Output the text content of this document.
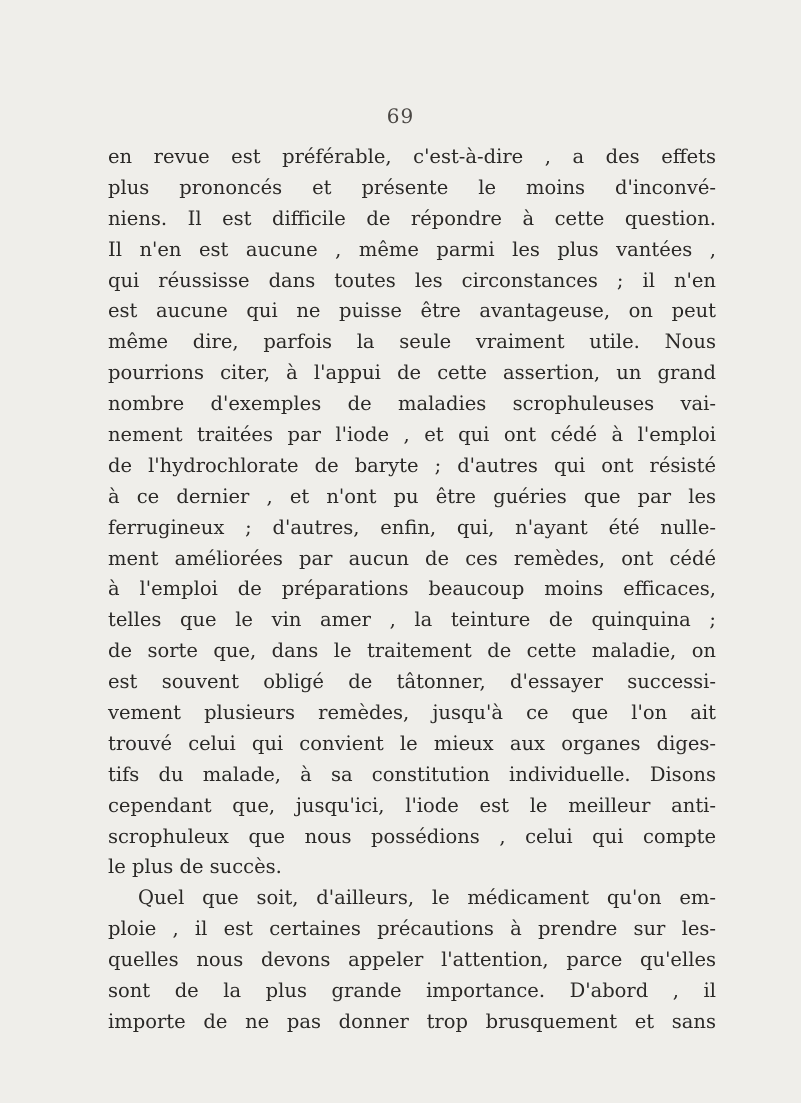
69
en revue est préférable, c'est-à-dire , a des effets
plus prononcés et présente le moins d'inconvé-
niens. Il est difficile de répondre à cette question.
Il n'en est aucune , même parmi les plus vantées ,
qui réussisse dans toutes les circonstances ; il n'en
est aucune qui ne puisse être avantageuse, on peut
même dire, parfois la seule vraiment utile. Nous
pourrions citer, à l'appui de cette assertion, un grand
nombre d'exemples de maladies scrophuleuses vai-
nement traitées par l'iode , et qui ont cédé à l'emploi
de l'hydrochlorate de baryte ; d'autres qui ont résisté
à ce dernier , et n'ont pu être guéries que par les
ferrugineux ; d'autres, enfin, qui, n'ayant été nulle-
ment améliorées par aucun de ces remèdes, ont cédé
à l'emploi de préparations beaucoup moins efficaces,
telles que le vin amer , la teinture de quinquina ;
de sorte que, dans le traitement de cette maladie, on
est souvent obligé de tâtonner, d'essayer successi-
vement plusieurs remèdes, jusqu'à ce que l'on ait
trouvé celui qui convient le mieux aux organes diges-
tifs du malade, à sa constitution individuelle. Disons
cependant que, jusqu'ici, l'iode est le meilleur anti-
scrophuleux que nous possédions , celui qui compte
le plus de succès.
Quel que soit, d'ailleurs, le médicament qu'on em-
ploie , il est certaines précautions à prendre sur les-
quelles nous devons appeler l'attention, parce qu'elles
sont de la plus grande importance. D'abord , il
importe de ne pas donner trop brusquement et sans
